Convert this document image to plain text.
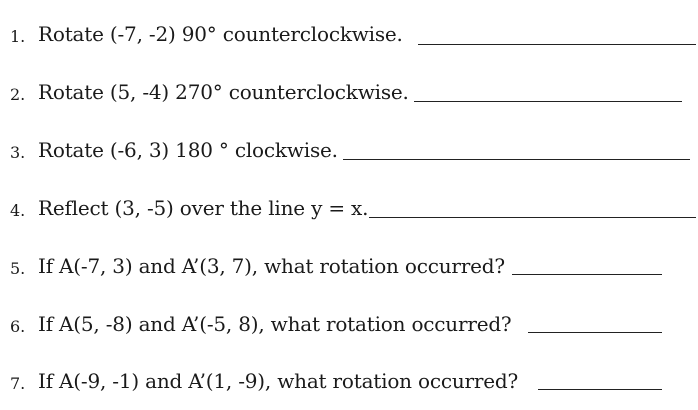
1. Rotate (-7, -2) 90° counterclockwise.
2. Rotate (5, -4) 270° counterclockwise.
3. Rotate (-6, 3) 180 ° clockwise.
4. Reflect (3, -5) over the line y = x.
5. If A(-7, 3) and A’(3, 7), what rotation occurred?
6. If A(5, -8) and A’(-5, 8), what rotation occurred?
7. If A(-9, -1) and A’(1, -9), what rotation occurred?
